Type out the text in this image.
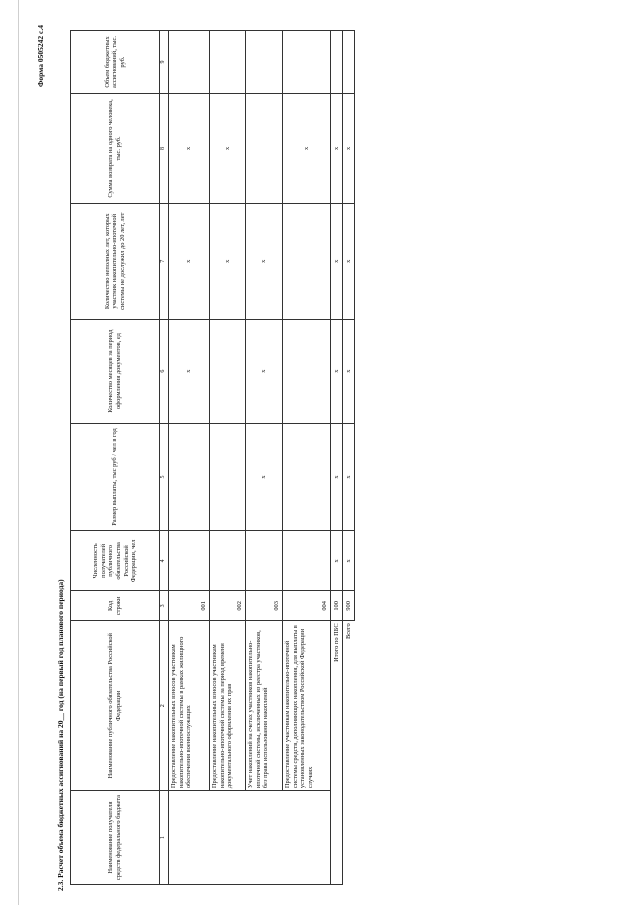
Форма 0505242 с.4
2.3. Расчет объема бюджетных ассигнований на 20__ год (на первый год планового периода)	Наименование получателя средств федерального бюджета	Наименование публичного обязательства Российской Федерации	Код строки	Численность получателей публичного обязательства Российской Федерации, чел	Размер выплаты, тыс руб / чел в год	Количество месяцев за период оформления документов, ед	Количество неполных лет, которых участник накопительно-ипотечной системы не дослужил до 20 лет, лет	Сумма возврата на одного человека, тыс. руб.	Объем бюджетных ассигнований, тыс. руб.
1	2	3	4	5	6	7	8	9
	Предоставление накопительных взносов участникам накопительно-ипотечной системы в рамках жилищного обеспечения военнослужащих	001			x	x	x	
	Предоставление накопительных взносов участникам накопительно-ипотечной системы за период времени документального оформления их прав	002				x	x	
	Учет накоплений на счетах участников накопительно-ипотечной системы, исключенных из реестра участников, без права использования накоплений	003		x	x	x		
	Предоставление участникам накопительно-ипотечной системы средств, дополняющих накопления, для выплаты в установленных законодательством Российской Федерации случаях	004					x	
Итого по ПБС		100	x	x	x	x	x	
	Всего	900	x	x	x	x	x	
